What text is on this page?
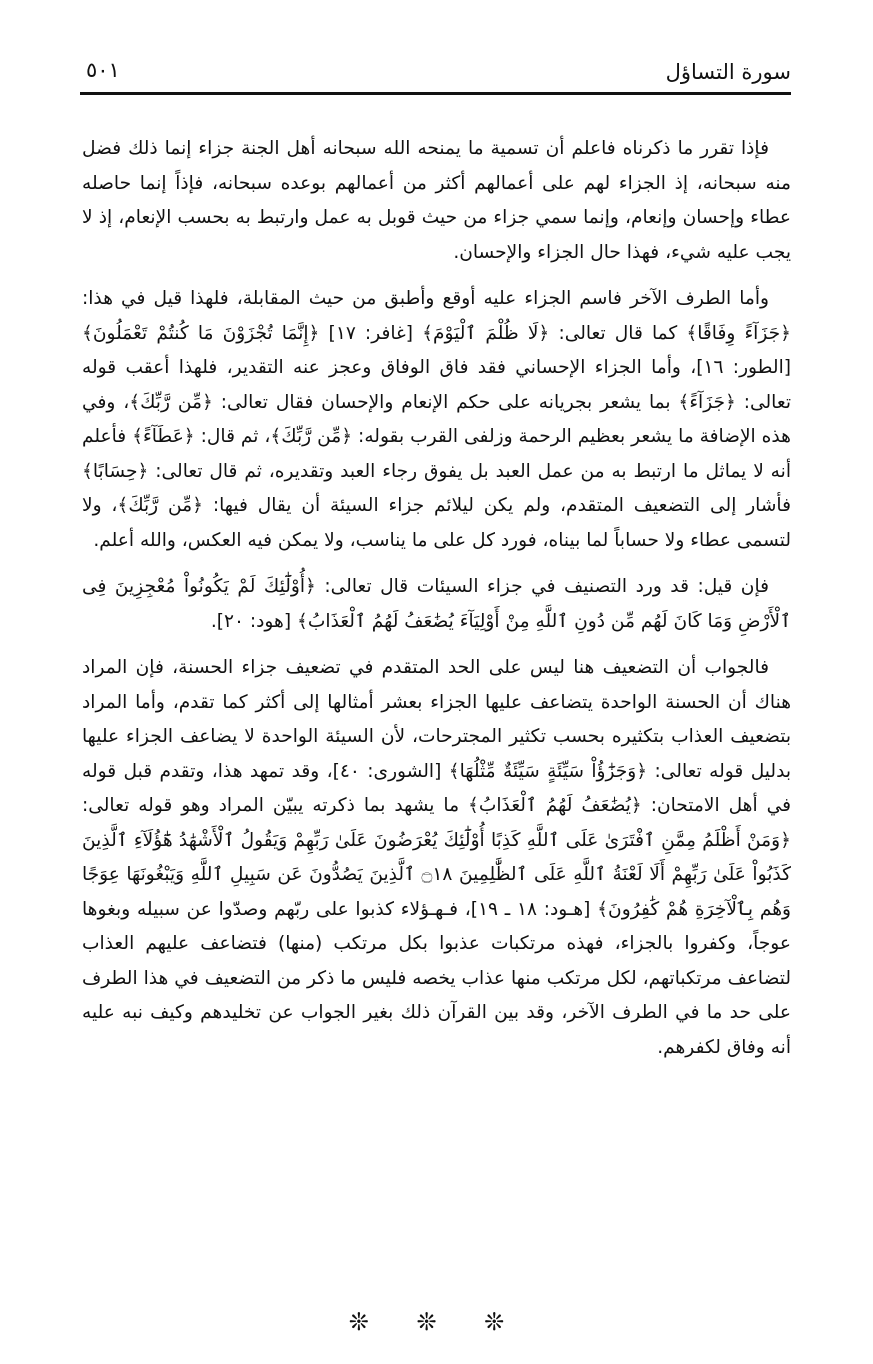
سورة التساؤل
٥٠١

فإذا تقرر ما ذكرناه فاعلم أن تسمية ما يمنحه الله سبحانه أهل الجنة جزاء إنما ذلك فضل منه سبحانه، إذ الجزاء لهم على أعمالهم أكثر من أعمالهم بوعده سبحانه، فإذاً إنما حاصله عطاء وإحسان وإنعام، وإنما سمي جزاء من حيث قوبل به عمل وارتبط به بحسب الإنعام، إذ لا يجب عليه شيء، فهذا حال الجزاء والإحسان.

وأما الطرف الآخر فاسم الجزاء عليه أوقع وأطبق من حيث المقابلة، فلهذا قيل في هذا: ﴿جَزَآءً وِفَاقًا﴾ كما قال تعالى: ﴿لَا ظُلْمَ ٱلْيَوْمَ﴾ [غافر: ١٧] ﴿إِنَّمَا تُجْزَوْنَ مَا كُنتُمْ تَعْمَلُونَ﴾ [الطور: ١٦]، وأما الجزاء الإحساني فقد فاق الوفاق وعجز عنه التقدير، فلهذا أعقب قوله تعالى: ﴿جَزَآءً﴾ بما يشعر بجريانه على حكم الإنعام والإحسان فقال تعالى: ﴿مِّن رَّبِّكَ﴾، وفي هذه الإضافة ما يشعر بعظيم الرحمة وزلفى القرب بقوله: ﴿مِّن رَّبِّكَ﴾، ثم قال: ﴿عَطَآءً﴾ فأعلم أنه لا يماثل ما ارتبط به من عمل العبد بل يفوق رجاء العبد وتقديره، ثم قال تعالى: ﴿حِسَابًا﴾ فأشار إلى التضعيف المتقدم، ولم يكن ليلائم جزاء السيئة أن يقال فيها: ﴿مِّن رَّبِّكَ﴾، ولا لتسمى عطاء ولا حساباً لما بيناه، فورد كل على ما يناسب، ولا يمكن فيه العكس، والله أعلم.

فإن قيل: قد ورد التصنيف في جزاء السيئات قال تعالى: ﴿أُوْلَٰٓئِكَ لَمْ يَكُونُواْ مُعْجِزِينَ فِى ٱلْأَرْضِ وَمَا كَانَ لَهُم مِّن دُونِ ٱللَّهِ مِنْ أَوْلِيَآءَ يُضَٰعَفُ لَهُمُ ٱلْعَذَابُ﴾ [هود: ٢٠].

فالجواب أن التضعيف هنا ليس على الحد المتقدم في تضعيف جزاء الحسنة، فإن المراد هناك أن الحسنة الواحدة يتضاعف عليها الجزاء بعشر أمثالها إلى أكثر كما تقدم، وأما المراد بتضعيف العذاب بتكثيره بحسب تكثير المجترحات، لأن السيئة الواحدة لا يضاعف الجزاء عليها بدليل قوله تعالى: ﴿وَجَزَٰٓؤُاْ سَيِّئَةٍ سَيِّئَةٌ مِّثْلُهَا﴾ [الشورى: ٤٠]، وقد تمهد هذا، وتقدم قبل قوله في أهل الامتحان: ﴿يُضَٰعَفُ لَهُمُ ٱلْعَذَابُ﴾ ما يشهد بما ذكرته يبيّن المراد وهو قوله تعالى: ﴿وَمَنْ أَظْلَمُ مِمَّنِ ٱفْتَرَىٰ عَلَى ٱللَّهِ كَذِبًا أُوْلَٰٓئِكَ يُعْرَضُونَ عَلَىٰ رَبِّهِمْ وَيَقُولُ ٱلْأَشْهَٰدُ هَٰٓؤُلَآءِ ٱلَّذِينَ كَذَبُواْ عَلَىٰ رَبِّهِمْ أَلَا لَعْنَةُ ٱللَّهِ عَلَى ٱلظَّٰلِمِينَ ۝١٨ ٱلَّذِينَ يَصُدُّونَ عَن سَبِيلِ ٱللَّهِ وَيَبْغُونَهَا عِوَجًا وَهُم بِٱلْآخِرَةِ هُمْ كَٰفِرُونَ﴾ [هـود: ١٨ ـ ١٩]، فـهـؤلاء كذبوا على ربّهم وصدّوا عن سبيله وبغوها عوجاً، وكفروا بالجزاء، فهذه مرتكبات عذبوا بكل مرتكب (منها) فتضاعف عليهم العذاب لتضاعف مرتكباتهم، لكل مرتكب منها عذاب يخصه فليس ما ذكر من التضعيف في هذا الطرف على حد ما في الطرف الآخر، وقد بين القرآن ذلك بغير الجواب عن تخليدهم وكيف نبه عليه أنه وفاق لكفرهم.

❊ ❊ ❊
